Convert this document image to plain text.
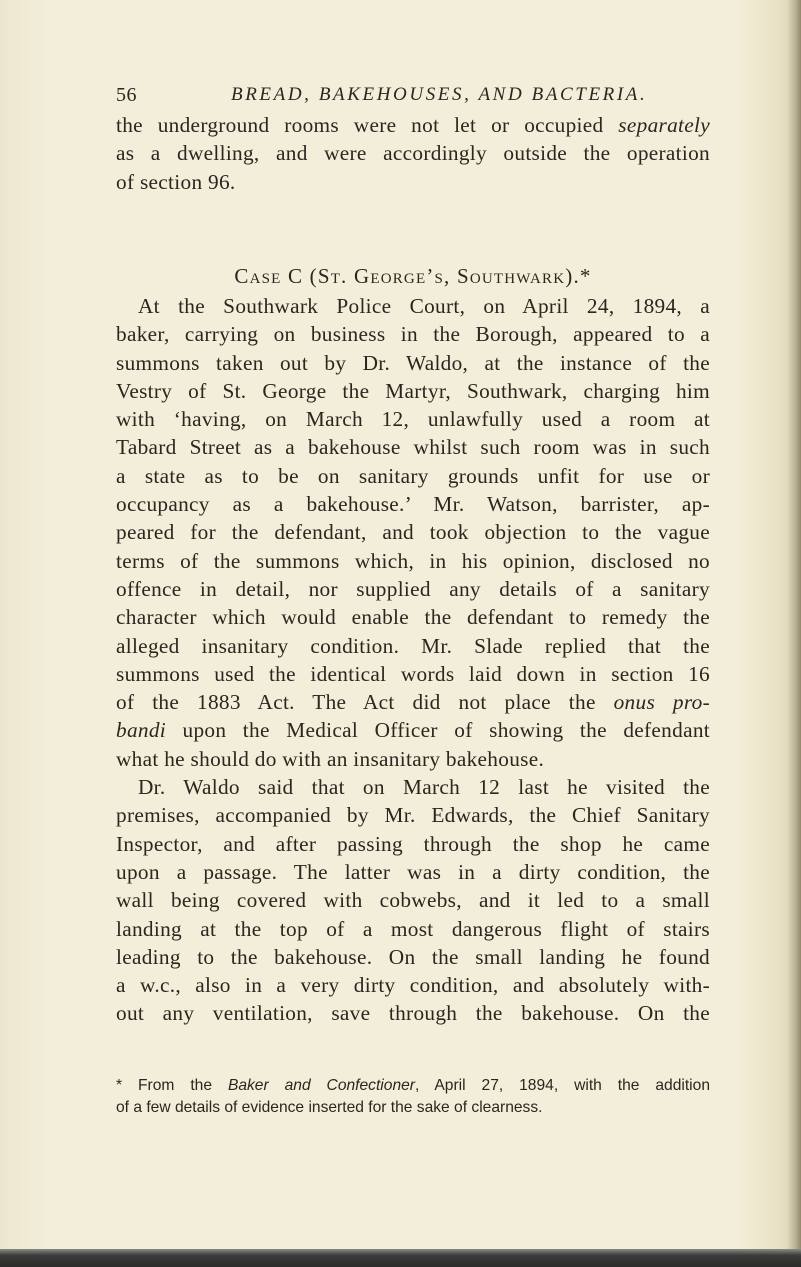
56	BREAD, BAKEHOUSES, AND BACTERIA.
the underground rooms were not let or occupied separately
as a dwelling, and were accordingly outside the operation
of section 96.
Case C (St. George’s, Southwark).*
At the Southwark Police Court, on April 24, 1894, a
baker, carrying on business in the Borough, appeared to a
summons taken out by Dr. Waldo, at the instance of the
Vestry of St. George the Martyr, Southwark, charging him
with ‘having, on March 12, unlawfully used a room at
Tabard Street as a bakehouse whilst such room was in such
a state as to be on sanitary grounds unfit for use or
occupancy as a bakehouse.’ Mr. Watson, barrister, ap-
peared for the defendant, and took objection to the vague
terms of the summons which, in his opinion, disclosed no
offence in detail, nor supplied any details of a sanitary
character which would enable the defendant to remedy the
alleged insanitary condition. Mr. Slade replied that the
summons used the identical words laid down in section 16
of the 1883 Act. The Act did not place the onus pro-
bandi upon the Medical Officer of showing the defendant
what he should do with an insanitary bakehouse.
Dr. Waldo said that on March 12 last he visited the
premises, accompanied by Mr. Edwards, the Chief Sanitary
Inspector, and after passing through the shop he came
upon a passage. The latter was in a dirty condition, the
wall being covered with cobwebs, and it led to a small
landing at the top of a most dangerous flight of stairs
leading to the bakehouse. On the small landing he found
a w.c., also in a very dirty condition, and absolutely with-
out any ventilation, save through the bakehouse. On the
* From the Baker and Confectioner, April 27, 1894, with the addition
of a few details of evidence inserted for the sake of clearness.
